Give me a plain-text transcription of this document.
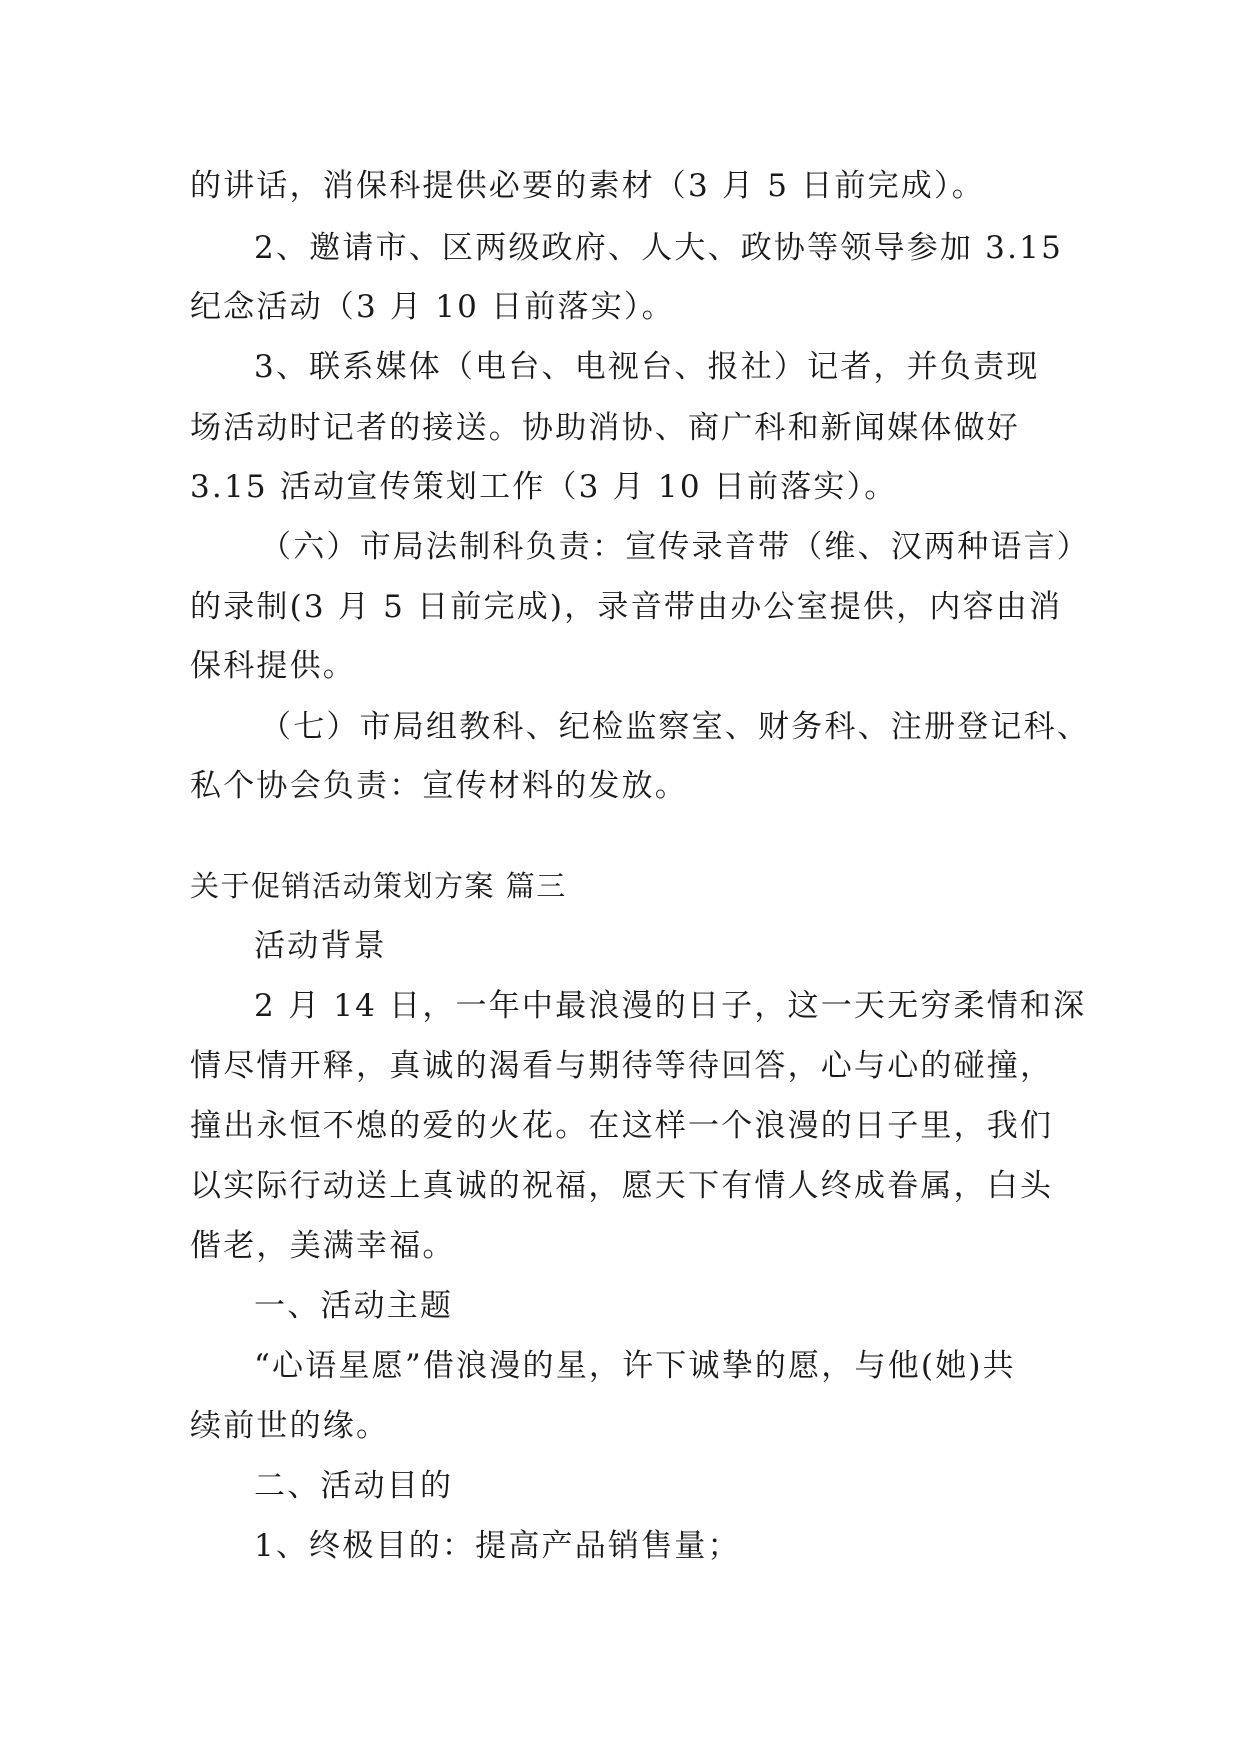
的讲话，消保科提供必要的素材（3 月 5 日前完成）。
2、邀请市、区两级政府、人大、政协等领导参加 3.15
纪念活动（3 月 10 日前落实）。
3、联系媒体（电台、电视台、报社）记者，并负责现
场活动时记者的接送。协助消协、商广科和新闻媒体做好
3.15 活动宣传策划工作（3 月 10 日前落实）。
（六）市局法制科负责：宣传录音带（维、汉两种语言）
的录制(3 月 5 日前完成)，录音带由办公室提供，内容由消
保科提供。
（七）市局组教科、纪检监察室、财务科、注册登记科、
私个协会负责：宣传材料的发放。
关于促销活动策划方案 篇三
活动背景
2 月 14 日，一年中最浪漫的日子，这一天无穷柔情和深
情尽情开释，真诚的渴看与期待等待回答，心与心的碰撞，
撞出永恒不熄的爱的火花。在这样一个浪漫的日子里，我们
以实际行动送上真诚的祝福，愿天下有情人终成眷属，白头
偕老，美满幸福。
一、活动主题
“心语星愿”借浪漫的星，许下诚挚的愿，与他(她)共
续前世的缘。
二、活动目的
1、终极目的：提高产品销售量；
